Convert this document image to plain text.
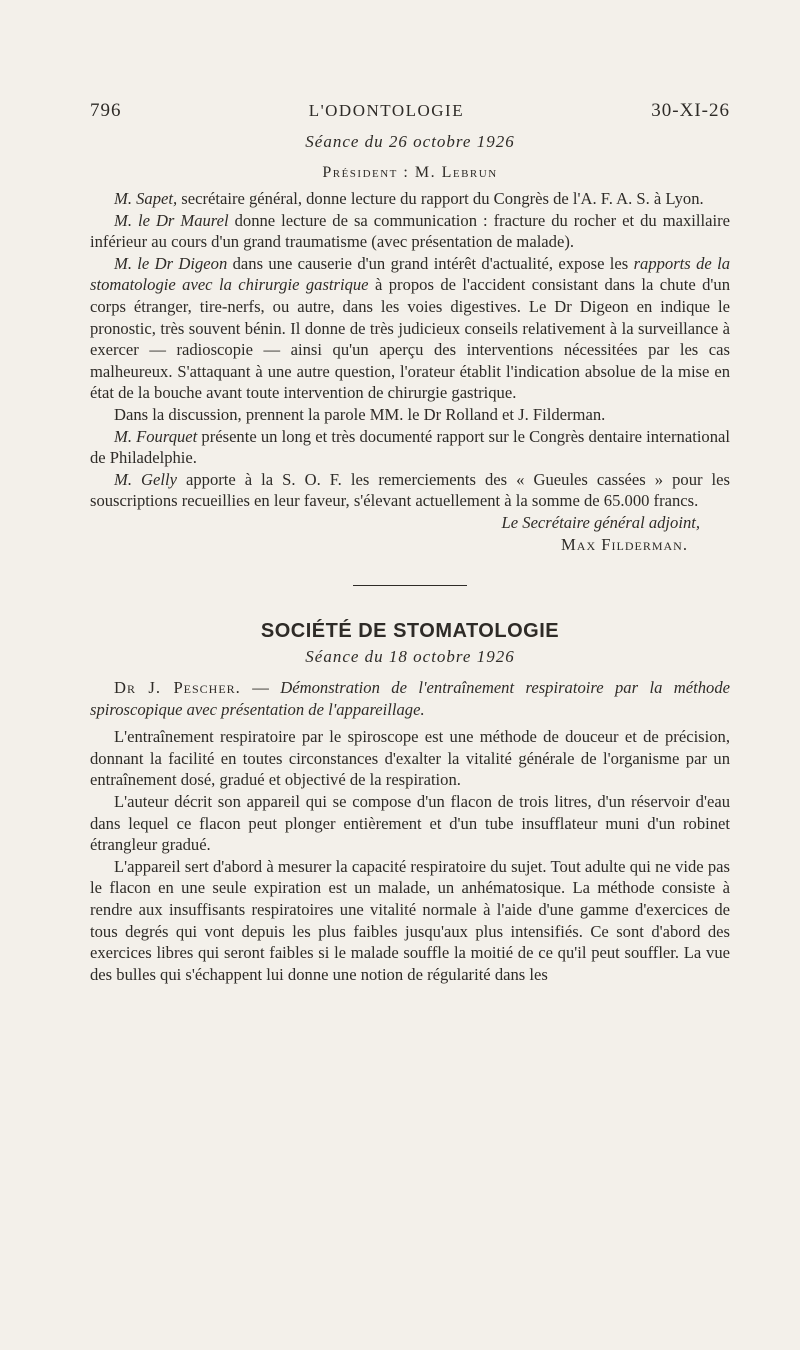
796	L'ODONTOLOGIE	30-XI-26
Séance du 26 octobre 1926
Président : M. Lebrun

M. Sapet, secrétaire général, donne lecture du rapport du Congrès de l'A. F. A. S. à Lyon.

M. le Dr Maurel donne lecture de sa communication : fracture du rocher et du maxillaire inférieur au cours d'un grand traumatisme (avec présentation de malade).

M. le Dr Digeon dans une causerie d'un grand intérêt d'actualité, expose les rapports de la stomatologie avec la chirurgie gastrique à propos de l'accident consistant dans la chute d'un corps étranger, tire-nerfs, ou autre, dans les voies digestives. Le Dr Digeon en indique le pronostic, très souvent bénin. Il donne de très judicieux conseils relativement à la surveillance à exercer — radioscopie — ainsi qu'un aperçu des interventions nécessitées par les cas malheureux. S'attaquant à une autre question, l'orateur établit l'indication absolue de la mise en état de la bouche avant toute intervention de chirurgie gastrique.

Dans la discussion, prennent la parole MM. le Dr Rolland et J. Filderman.

M. Fourquet présente un long et très documenté rapport sur le Congrès dentaire international de Philadelphie.

M. Gelly apporte à la S. O. F. les remerciements des « Gueules cassées » pour les souscriptions recueillies en leur faveur, s'élevant actuellement à la somme de 65.000 francs.

Le Secrétaire général adjoint,
Max Filderman.
SOCIÉTÉ DE STOMATOLOGIE
Séance du 18 octobre 1926

Dr J. Pescher. — Démonstration de l'entraînement respiratoire par la méthode spiroscopique avec présentation de l'appareillage.

L'entraînement respiratoire par le spiroscope est une méthode de douceur et de précision, donnant la facilité en toutes circonstances d'exalter la vitalité générale de l'organisme par un entraînement dosé, gradué et objectivé de la respiration.

L'auteur décrit son appareil qui se compose d'un flacon de trois litres, d'un réservoir d'eau dans lequel ce flacon peut plonger entièrement et d'un tube insufflateur muni d'un robinet étrangleur gradué.

L'appareil sert d'abord à mesurer la capacité respiratoire du sujet. Tout adulte qui ne vide pas le flacon en une seule expiration est un malade, un anhématosique. La méthode consiste à rendre aux insuffisants respiratoires une vitalité normale à l'aide d'une gamme d'exercices de tous degrés qui vont depuis les plus faibles jusqu'aux plus intensifiés. Ce sont d'abord des exercices libres qui seront faibles si le malade souffle la moitié de ce qu'il peut souffler. La vue des bulles qui s'échappent lui donne une notion de régularité dans les
